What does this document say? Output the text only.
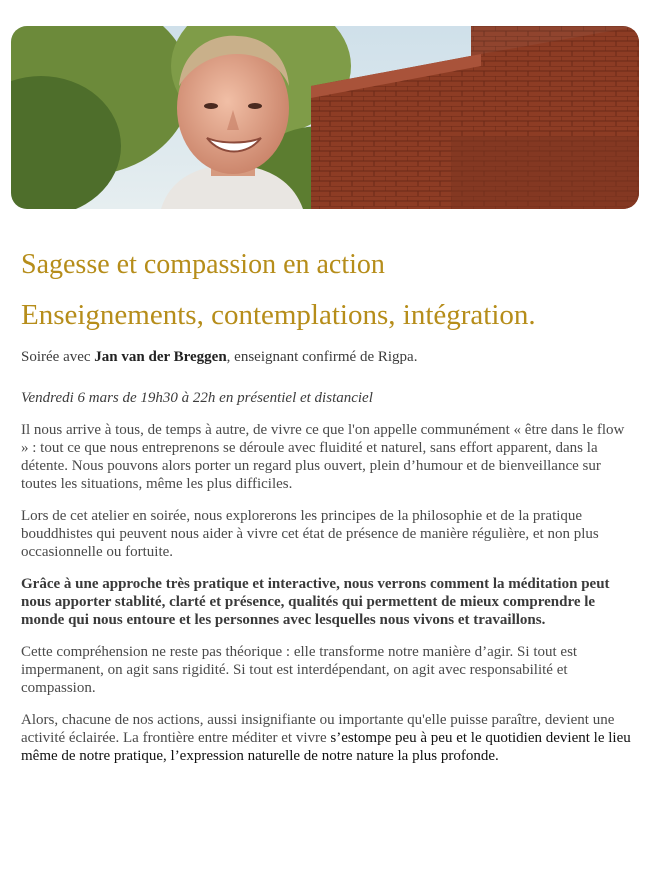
Sagesse et compassion en action
Enseignements, contemplations, intégration.

Soirée avec Jan van der Breggen, enseignant confirmé de Rigpa.

Vendredi 6 mars de 19h30 à 22h en présentiel et distanciel

Il nous arrive à tous, de temps à autre, de vivre ce que l'on appelle communément « être dans le flow » : tout ce que nous entreprenons se déroule avec fluidité et naturel, sans effort apparent, dans la détente. Nous pouvons alors porter un regard plus ouvert, plein d’humour et de bienveillance sur toutes les situations, même les plus difficiles.

Lors de cet atelier en soirée, nous explorerons les principes de la philosophie et de la pratique bouddhistes qui peuvent nous aider à vivre cet état de présence de manière régulière, et non plus occasionnelle ou fortuite.

Grâce à une approche très pratique et interactive, nous verrons comment la méditation peut nous apporter stablité, clarté et présence, qualités qui permettent de mieux comprendre le monde qui nous entoure et les personnes avec lesquelles nous vivons et travaillons.

Cette compréhension ne reste pas théorique : elle transforme notre manière d’agir. Si tout est impermanent, on agit sans rigidité. Si tout est interdépendant, on agit avec responsabilité et compassion.

Alors, chacune de nos actions, aussi insignifiante ou importante qu'elle puisse paraître, devient une activité éclairée. La frontière entre méditer et vivre s’estompe peu à peu et le quotidien devient le lieu même de notre pratique, l’expression naturelle de notre nature la plus profonde.
